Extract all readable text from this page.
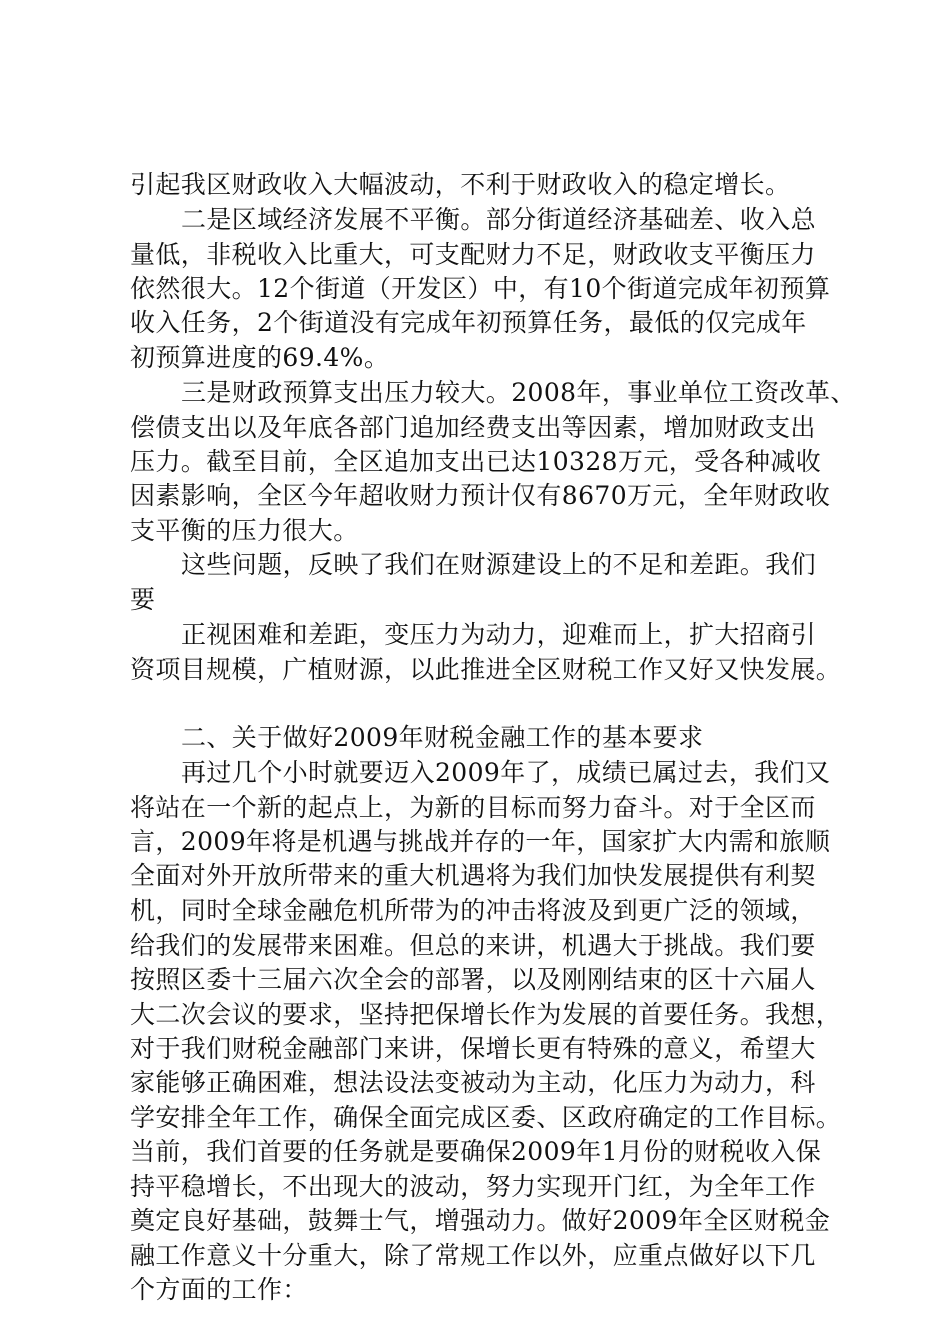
引起我区财政收入大幅波动，不利于财政收入的稳定增长。
二是区域经济发展不平衡。部分街道经济基础差、收入总
量低，非税收入比重大，可支配财力不足，财政收支平衡压力
依然很大。12个街道（开发区）中，有10个街道完成年初预算
收入任务，2个街道没有完成年初预算任务，最低的仅完成年
初预算进度的69.4%。
三是财政预算支出压力较大。2008年，事业单位工资改革、
偿债支出以及年底各部门追加经费支出等因素，增加财政支出
压力。截至目前，全区追加支出已达10328万元，受各种减收
因素影响，全区今年超收财力预计仅有8670万元，全年财政收
支平衡的压力很大。
这些问题，反映了我们在财源建设上的不足和差距。我们
要
正视困难和差距，变压力为动力，迎难而上，扩大招商引
资项目规模，广植财源，以此推进全区财税工作又好又快发展。
二、关于做好2009年财税金融工作的基本要求
再过几个小时就要迈入2009年了，成绩已属过去，我们又
将站在一个新的起点上，为新的目标而努力奋斗。对于全区而
言，2009年将是机遇与挑战并存的一年，国家扩大内需和旅顺
全面对外开放所带来的重大机遇将为我们加快发展提供有利契
机，同时全球金融危机所带为的冲击将波及到更广泛的领域，
给我们的发展带来困难。但总的来讲，机遇大于挑战。我们要
按照区委十三届六次全会的部署，以及刚刚结束的区十六届人
大二次会议的要求，坚持把保增长作为发展的首要任务。我想，
对于我们财税金融部门来讲，保增长更有特殊的意义，希望大
家能够正确困难，想法设法变被动为主动，化压力为动力，科
学安排全年工作，确保全面完成区委、区政府确定的工作目标。
当前，我们首要的任务就是要确保2009年1月份的财税收入保
持平稳增长，不出现大的波动，努力实现开门红，为全年工作
奠定良好基础，鼓舞士气，增强动力。做好2009年全区财税金
融工作意义十分重大，除了常规工作以外，应重点做好以下几
个方面的工作：
